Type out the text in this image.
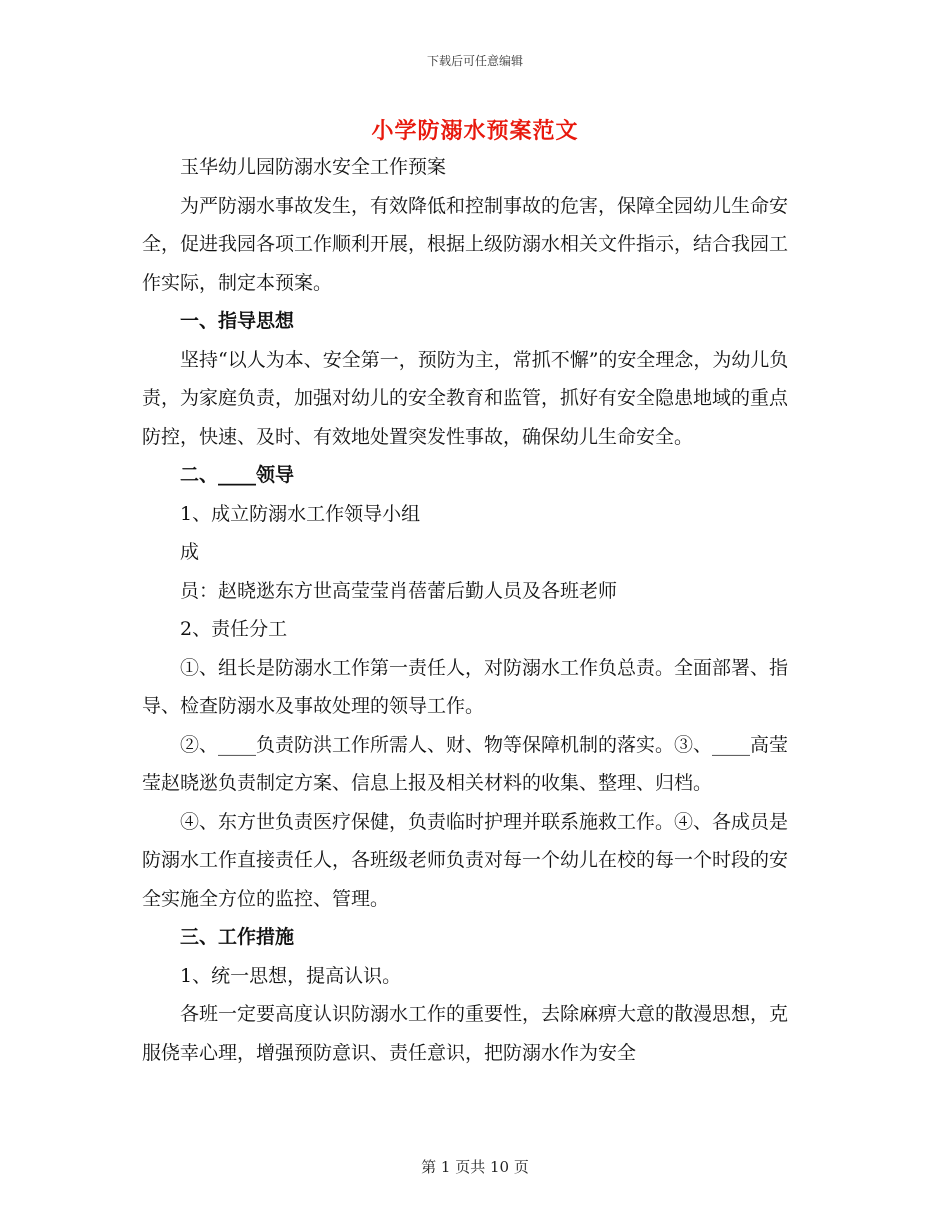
下载后可任意编辑
小学防溺水预案范文

玉华幼儿园防溺水安全工作预案

为严防溺水事故发生，有效降低和控制事故的危害，保障全园幼儿生命安全，促进我园各项工作顺利开展，根据上级防溺水相关文件指示，结合我园工作实际，制定本预案。

一、指导思想

坚持“以人为本、安全第一，预防为主，常抓不懈”的安全理念，为幼儿负责，为家庭负责，加强对幼儿的安全教育和监管，抓好有安全隐患地域的重点防控，快速、及时、有效地处置突发性事故，确保幼儿生命安全。

二、____领导

1、成立防溺水工作领导小组

成

员：赵晓逖东方世高莹莹肖蓓蕾后勤人员及各班老师

2、责任分工

①、组长是防溺水工作第一责任人，对防溺水工作负总责。全面部署、指导、检查防溺水及事故处理的领导工作。

②、____负责防洪工作所需人、财、物等保障机制的落实。③、____高莹莹赵晓逖负责制定方案、信息上报及相关材料的收集、整理、归档。

④、东方世负责医疗保健，负责临时护理并联系施救工作。④、各成员是防溺水工作直接责任人，各班级老师负责对每一个幼儿在校的每一个时段的安全实施全方位的监控、管理。

三、工作措施

1、统一思想，提高认识。

各班一定要高度认识防溺水工作的重要性，去除麻痹大意的散漫思想，克服侥幸心理，增强预防意识、责任意识，把防溺水作为安全

第 1 页共 10 页
